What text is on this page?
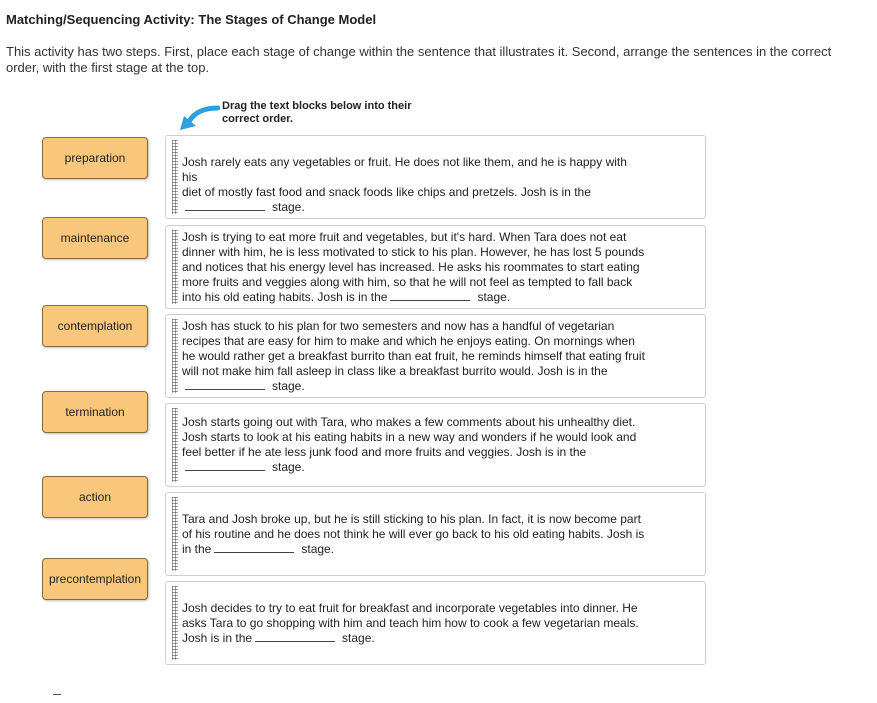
Matching/Sequencing Activity: The Stages of Change Model
This activity has two steps. First, place each stage of change within the sentence that illustrates it. Second, arrange the sentences in the correct order, with the first stage at the top.
Drag the text blocks below into their
correct order.
preparation
maintenance
contemplation
termination
action
precontemplation
Josh rarely eats any vegetables or fruit. He does not like them, and he is happy with his
diet of mostly fast food and snack foods like chips and pretzels. Josh is in the
stage.
Josh is trying to eat more fruit and vegetables, but it's hard. When Tara does not eat
dinner with him, he is less motivated to stick to his plan. However, he has lost 5 pounds
and notices that his energy level has increased. He asks his roommates to start eating
more fruits and veggies along with him, so that he will not feel as tempted to fall back
into his old eating habits. Josh is in the	stage.
Josh has stuck to his plan for two semesters and now has a handful of vegetarian
recipes that are easy for him to make and which he enjoys eating. On mornings when
he would rather get a breakfast burrito than eat fruit, he reminds himself that eating fruit
will not make him fall asleep in class like a breakfast burrito would. Josh is in the
stage.
Josh starts going out with Tara, who makes a few comments about his unhealthy diet.
Josh starts to look at his eating habits in a new way and wonders if he would look and
feel better if he ate less junk food and more fruits and veggies. Josh is in the
stage.
Tara and Josh broke up, but he is still sticking to his plan. In fact, it is now become part
of his routine and he does not think he will ever go back to his old eating habits. Josh is
in the	stage.
Josh decides to try to eat fruit for breakfast and incorporate vegetables into dinner. He
asks Tara to go shopping with him and teach him how to cook a few vegetarian meals.
Josh is in the	stage.
